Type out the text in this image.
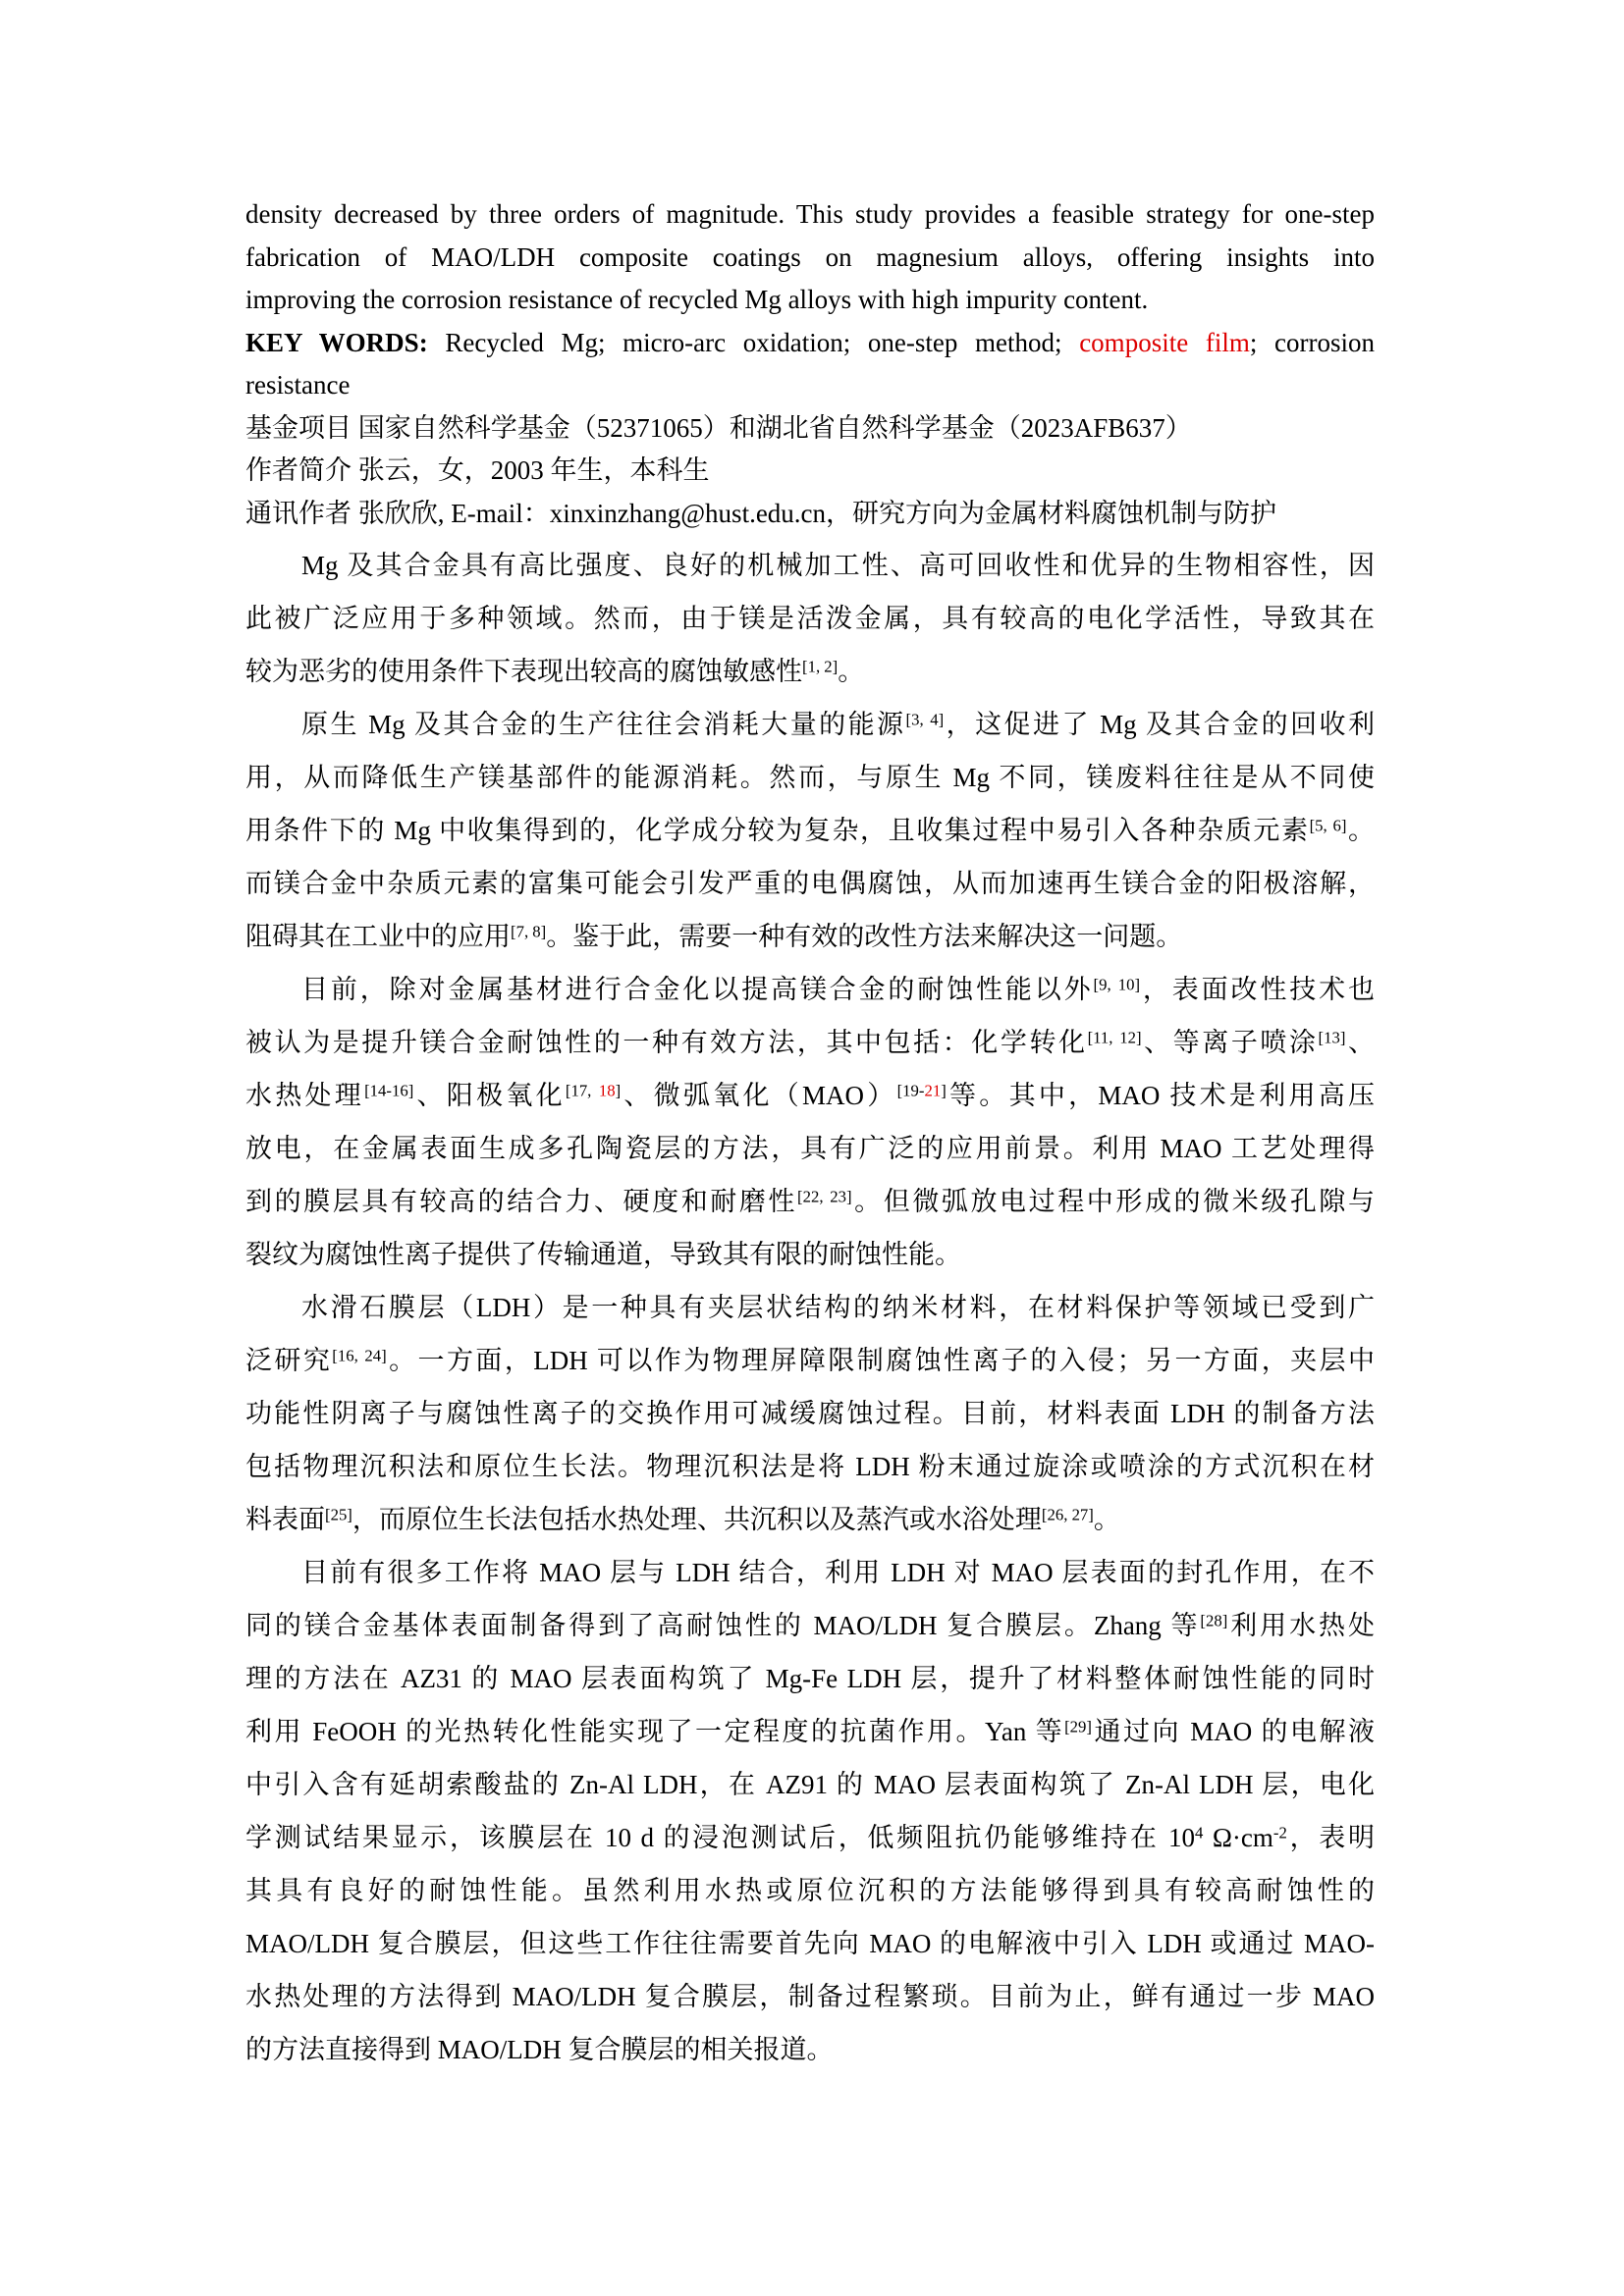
density decreased by three orders of magnitude. This study provides a feasible strategy for one-step
fabrication of MAO/LDH composite coatings on magnesium alloys, offering insights into
improving the corrosion resistance of recycled Mg alloys with high impurity content.
KEY WORDS: Recycled Mg; micro-arc oxidation; one-step method; composite film; corrosion
resistance
基金项目 国家自然科学基金（52371065）和湖北省自然科学基金（2023AFB637）
作者简介 张云，女，2003 年生，本科生
通讯作者 张欣欣, E-mail：xinxinzhang@hust.edu.cn，研究方向为金属材料腐蚀机制与防护
Mg 及其合金具有高比强度、良好的机械加工性、高可回收性和优异的生物相容性，因
此被广泛应用于多种领域。然而，由于镁是活泼金属，具有较高的电化学活性，导致其在
较为恶劣的使用条件下表现出较高的腐蚀敏感性[1, 2]。
原生 Mg 及其合金的生产往往会消耗大量的能源[3, 4]，这促进了 Mg 及其合金的回收利
用，从而降低生产镁基部件的能源消耗。然而，与原生 Mg 不同，镁废料往往是从不同使
用条件下的 Mg 中收集得到的，化学成分较为复杂，且收集过程中易引入各种杂质元素[5, 6]。
而镁合金中杂质元素的富集可能会引发严重的电偶腐蚀，从而加速再生镁合金的阳极溶解，
阻碍其在工业中的应用[7, 8]。鉴于此，需要一种有效的改性方法来解决这一问题。
目前，除对金属基材进行合金化以提高镁合金的耐蚀性能以外[9, 10]，表面改性技术也
被认为是提升镁合金耐蚀性的一种有效方法，其中包括：化学转化[11, 12]、等离子喷涂[13]、
水热处理[14-16]、阳极氧化$^{[17,}$ $^{18]}$、微弧氧化（MAO）[19-21]等。其中，MAO 技术是利用高压
放电，在金属表面生成多孔陶瓷层的方法，具有广泛的应用前景。利用 MAO 工艺处理得
到的膜层具有较高的结合力、硬度和耐磨性[22, 23]。但微弧放电过程中形成的微米级孔隙与
裂纹为腐蚀性离子提供了传输通道，导致其有限的耐蚀性能。
水滑石膜层（LDH）是一种具有夹层状结构的纳米材料，在材料保护等领域已受到广
泛研究[16, 24]。一方面，LDH 可以作为物理屏障限制腐蚀性离子的入侵；另一方面，夹层中
功能性阴离子与腐蚀性离子的交换作用可减缓腐蚀过程。目前，材料表面 LDH 的制备方法
包括物理沉积法和原位生长法。物理沉积法是将 LDH 粉末通过旋涂或喷涂的方式沉积在材
料表面[25]，而原位生长法包括水热处理、共沉积以及蒸汽或水浴处理[26, 27]。
目前有很多工作将 MAO 层与 LDH 结合，利用 LDH 对 MAO 层表面的封孔作用，在不
同的镁合金基体表面制备得到了高耐蚀性的 MAO/LDH 复合膜层。Zhang 等[28]利用水热处
理的方法在 AZ31 的 MAO 层表面构筑了 Mg-Fe LDH 层，提升了材料整体耐蚀性能的同时
利用 FeOOH 的光热转化性能实现了一定程度的抗菌作用。Yan 等[29]通过向 MAO 的电解液
中引入含有延胡索酸盐的 Zn-Al LDH，在 AZ91 的 MAO 层表面构筑了 Zn-Al LDH 层，电化
学测试结果显示，该膜层在 10 d 的浸泡测试后，低频阻抗仍能够维持在 $10^4$ $\Omega\cdot cm^{-2}$，表明
其具有良好的耐蚀性能。虽然利用水热或原位沉积的方法能够得到具有较高耐蚀性的
MAO/LDH 复合膜层，但这些工作往往需要首先向 MAO 的电解液中引入 LDH 或通过 MAO-
水热处理的方法得到 MAO/LDH 复合膜层，制备过程繁琐。目前为止，鲜有通过一步 MAO
的方法直接得到 MAO/LDH 复合膜层的相关报道。
